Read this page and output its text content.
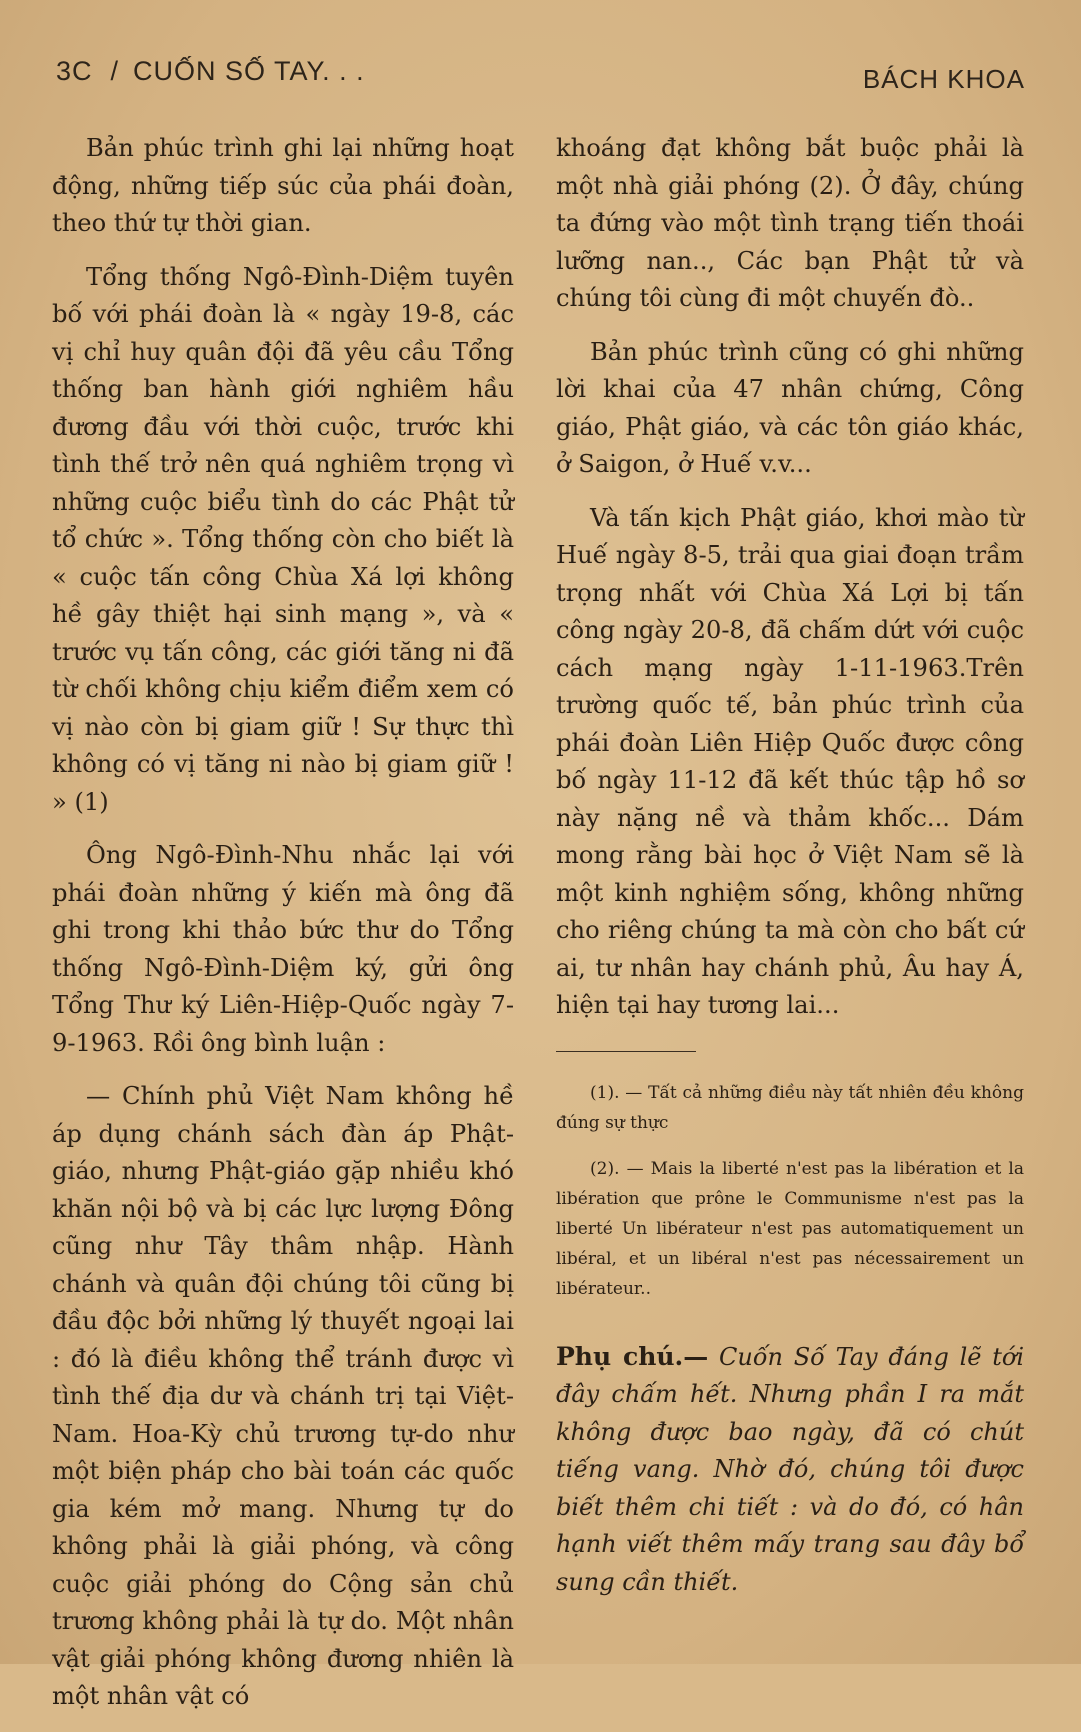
3C / CUỐN SỐ TAY. . .	BÁCH KHOA

Bản phúc trình ghi lại những hoạt động, những tiếp súc của phái đoàn, theo thứ tự thời gian.

Tổng thống Ngô-Đình-Diệm tuyên bố với phái đoàn là « ngày 19-8, các vị chỉ huy quân đội đã yêu cầu Tổng thống ban hành giới nghiêm hầu đương đầu với thời cuộc, trước khi tình thế trở nên quá nghiêm trọng vì những cuộc biểu tình do các Phật tử tổ chức ». Tổng thống còn cho biết là « cuộc tấn công Chùa Xá lợi không hề gây thiệt hại sinh mạng », và « trước vụ tấn công, các giới tăng ni đã từ chối không chịu kiểm điểm xem có vị nào còn bị giam giữ ! Sự thực thì không có vị tăng ni nào bị giam giữ ! » (1)

Ông Ngô-Đình-Nhu nhắc lại với phái đoàn những ý kiến mà ông đã ghi trong khi thảo bức thư do Tổng thống Ngô-Đình-Diệm ký, gửi ông Tổng Thư ký Liên-Hiệp-Quốc ngày 7-9-1963. Rồi ông bình luận :

— Chính phủ Việt Nam không hề áp dụng chánh sách đàn áp Phật-giáo, nhưng Phật-giáo gặp nhiều khó khăn nội bộ và bị các lực lượng Đông cũng như Tây thâm nhập. Hành chánh và quân đội chúng tôi cũng bị đầu độc bởi những lý thuyết ngoại lai : đó là điều không thể tránh được vì tình thế địa dư và chánh trị tại Việt-Nam. Hoa-Kỳ chủ trương tự-do như một biện pháp cho bài toán các quốc gia kém mở mang. Nhưng tự do không phải là giải phóng, và công cuộc giải phóng do Cộng sản chủ trương không phải là tự do. Một nhân vật giải phóng không đương nhiên là một nhân vật có

khoáng đạt không bắt buộc phải là một nhà giải phóng (2). Ở đây, chúng ta đứng vào một tình trạng tiến thoái lưỡng nan.., Các bạn Phật tử và chúng tôi cùng đi một chuyến đò..

Bản phúc trình cũng có ghi những lời khai của 47 nhân chứng, Công giáo, Phật giáo, và các tôn giáo khác, ở Saigon, ở Huế v.v...

Và tấn kịch Phật giáo, khơi mào từ Huế ngày 8-5, trải qua giai đoạn trầm trọng nhất với Chùa Xá Lợi bị tấn công ngày 20-8, đã chấm dứt với cuộc cách mạng ngày 1-11-1963.Trên trường quốc tế, bản phúc trình của phái đoàn Liên Hiệp Quốc được công bố ngày 11-12 đã kết thúc tập hồ sơ này nặng nề và thảm khốc... Dám mong rằng bài học ở Việt Nam sẽ là một kinh nghiệm sống, không những cho riêng chúng ta mà còn cho bất cứ ai, tư nhân hay chánh phủ, Âu hay Á, hiện tại hay tương lai...

(1). — Tất cả những điều này tất nhiên đều không đúng sự thực

(2). — Mais la liberté n'est pas la libération et la libération que prône le Communisme n'est pas la liberté Un libérateur n'est pas automatiquement un libéral, et un libéral n'est pas nécessairement un libérateur..

Phụ chú.— Cuốn Số Tay đáng lẽ tới đây chấm hết. Nhưng phần I ra mắt không được bao ngày, đã có chút tiếng vang. Nhờ đó, chúng tôi được biết thêm chi tiết : và do đó, có hân hạnh viết thêm mấy trang sau đây bổ sung cần thiết.
